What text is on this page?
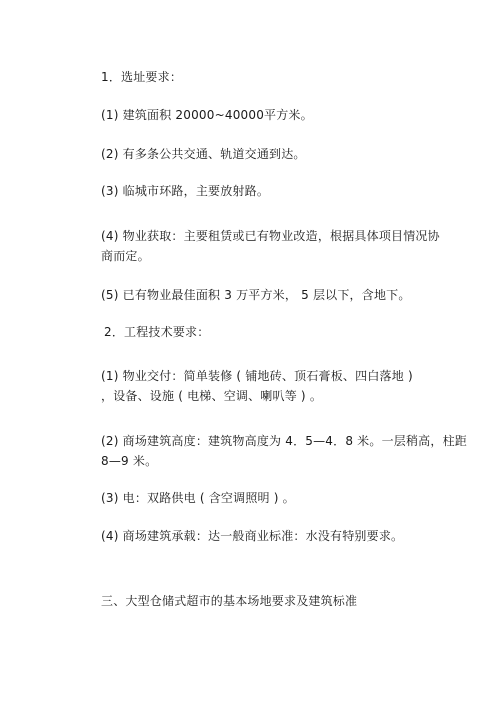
1．选址要求：
(1) 建筑面积 20000~40000平方米。
(2) 有多条公共交通、轨道交通到达。
(3) 临城市环路，主要放射路。
(4) 物业获取：主要租赁或已有物业改造，根据具体项目情况协
商而定。
(5) 已有物业最佳面积 3 万平方米， 5 层以下，含地下。
2．工程技术要求：
(1) 物业交付：简单装修 ( 铺地砖、顶石膏板、四白落地 )
，设备、设施 ( 电梯、空调、喇叭等 ) 。
(2) 商场建筑高度：建筑物高度为 4．5—4．8 米。一层稍高，柱距
8—9 米。
(3) 电：双路供电 ( 含空调照明 ) 。
(4) 商场建筑承载：达一般商业标准：水没有特别要求。
三、大型仓储式超市的基本场地要求及建筑标准
